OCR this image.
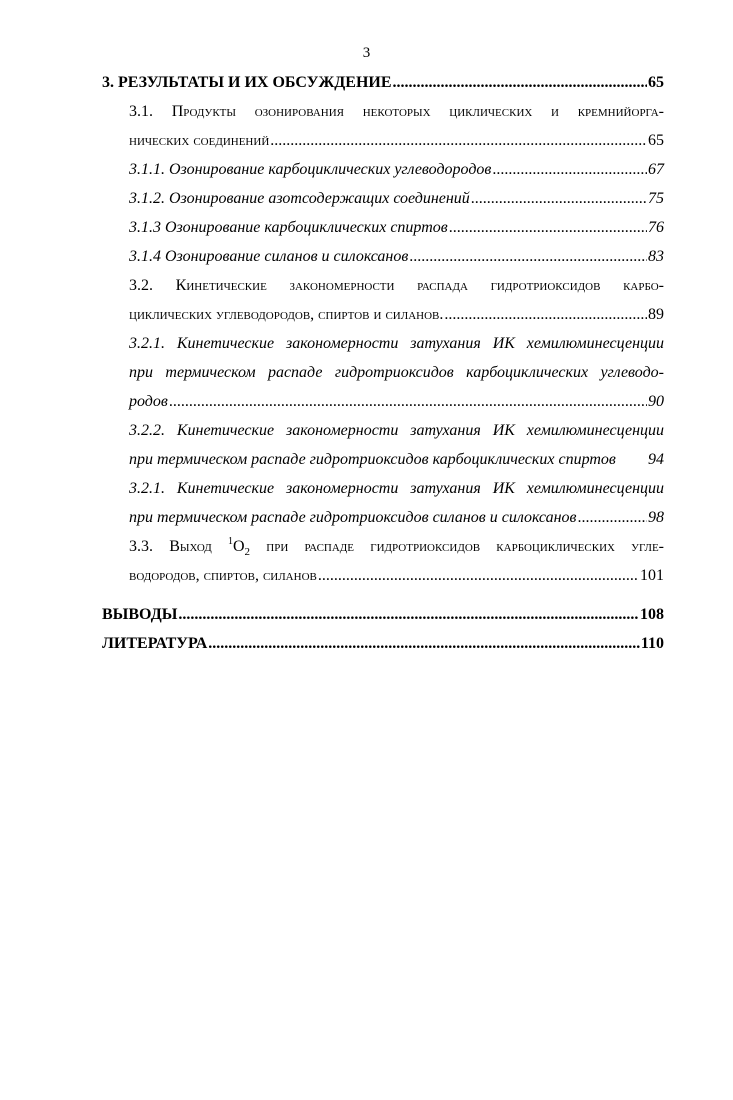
3
3. РЕЗУЛЬТАТЫ И ИХ ОБСУЖДЕНИЕ .....	65
3.1. Продукты озонирования некоторых циклических и кремнийорга-
нических соединений .....	65
3.1.1. Озонирование карбоциклических углеводородов .....	67
3.1.2. Озонирование азотсодержащих соединений .....	75
3.1.3 Озонирование карбоциклических спиртов .....	76
3.1.4 Озонирование силанов и силоксанов .....	83
3.2. Кинетические закономерности распада гидротриоксидов карбо-
циклических углеводородов, спиртов и силанов. .....	89
3.2.1. Кинетические закономерности затухания ИК хемилюминесценции
при термическом распаде гидротриоксидов карбоциклических углеводо-
родов .....	90
3.2.2. Кинетические закономерности затухания ИК хемилюминесценции
при термическом распаде гидротриоксидов карбоциклических спиртов 94
3.2.1. Кинетические закономерности затухания ИК хемилюминесценции
при термическом распаде гидротриоксидов силанов и силоксанов .....	98
3.3. Выход $^1O_2$ при распаде гидротриоксидов карбоциклических угле-
водородов, спиртов, силанов .....	101
ВЫВОДЫ .....	108
ЛИТЕРАТУРА .....	110
